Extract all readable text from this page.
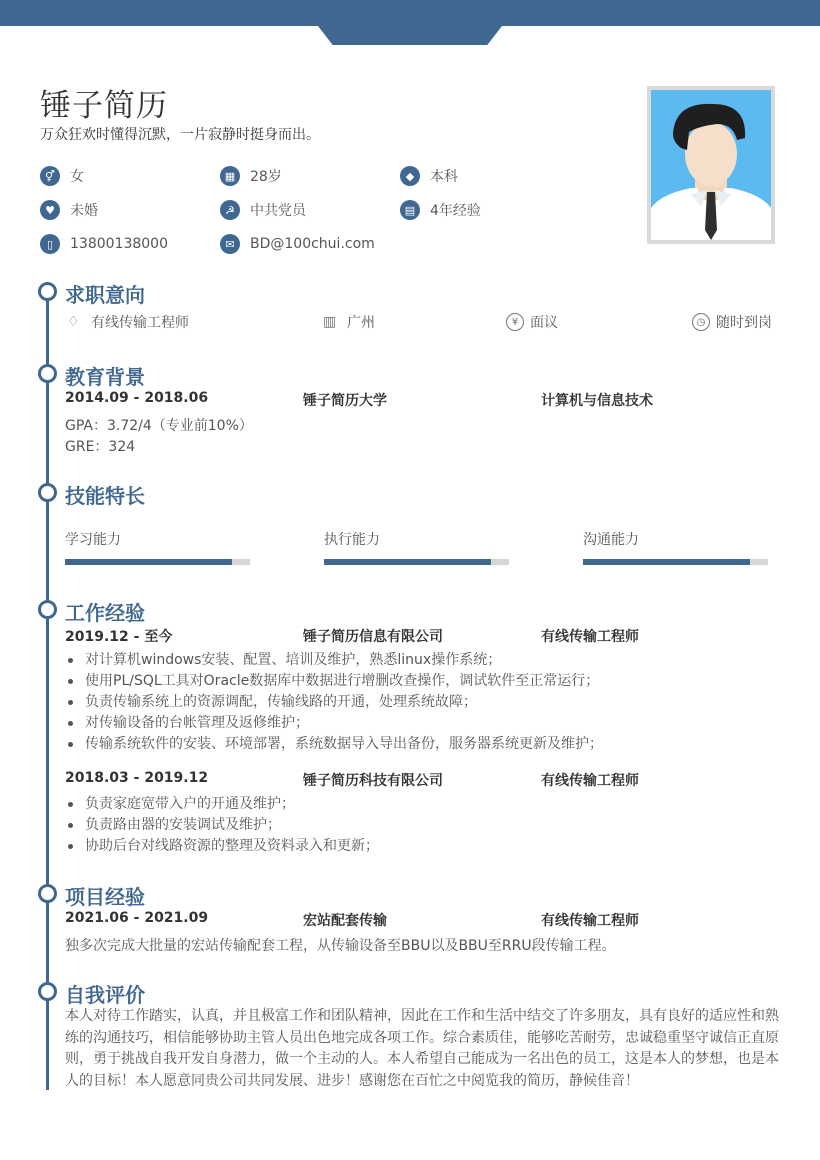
锤子简历
万众狂欢时懂得沉默，一片寂静时挺身而出。
⚥	女	▦	28岁	◆	本科
♥	未婚	☭	中共党员	▤	4年经验
▯	13800138000	✉	BD@100chui.com
求职意向
♢ 有线传输工程师	▥ 广州	¥ 面议	◷ 随时到岗
教育背景
2014.09 - 2018.06	锤子简历大学	计算机与信息技术
GPA：3.72/4（专业前10%）
GRE：324
技能特长
学习能力	执行能力	沟通能力
工作经验
2019.12 - 至今	锤子简历信息有限公司	有线传输工程师
对计算机windows安装、配置、培训及维护，熟悉linux操作系统；
使用PL/SQL工具对Oracle数据库中数据进行增删改查操作，调试软件至正常运行；
负责传输系统上的资源调配，传输线路的开通，处理系统故障；
对传输设备的台帐管理及返修维护；
传输系统软件的安装、环境部署，系统数据导入导出备份，服务器系统更新及维护；
2018.03 - 2019.12	锤子简历科技有限公司	有线传输工程师
负责家庭宽带入户的开通及维护；
负责路由器的安装调试及维护；
协助后台对线路资源的整理及资料录入和更新；
项目经验
2021.06 - 2021.09	宏站配套传输	有线传输工程师
独多次完成大批量的宏站传输配套工程，从传输设备至BBU以及BBU至RRU段传输工程。
自我评价
本人对待工作踏实，认真，并且极富工作和团队精神，因此在工作和生活中结交了许多朋友，具有良好的适应性和熟练的沟通技巧，相信能够协助主管人员出色地完成各项工作。综合素质佳，能够吃苦耐劳，忠诚稳重坚守诚信正直原则，勇于挑战自我开发自身潜力，做一个主动的人。本人希望自己能成为一名出色的员工，这是本人的梦想，也是本人的目标！本人愿意同贵公司共同发展、进步！感谢您在百忙之中阅览我的简历，静候佳音！
